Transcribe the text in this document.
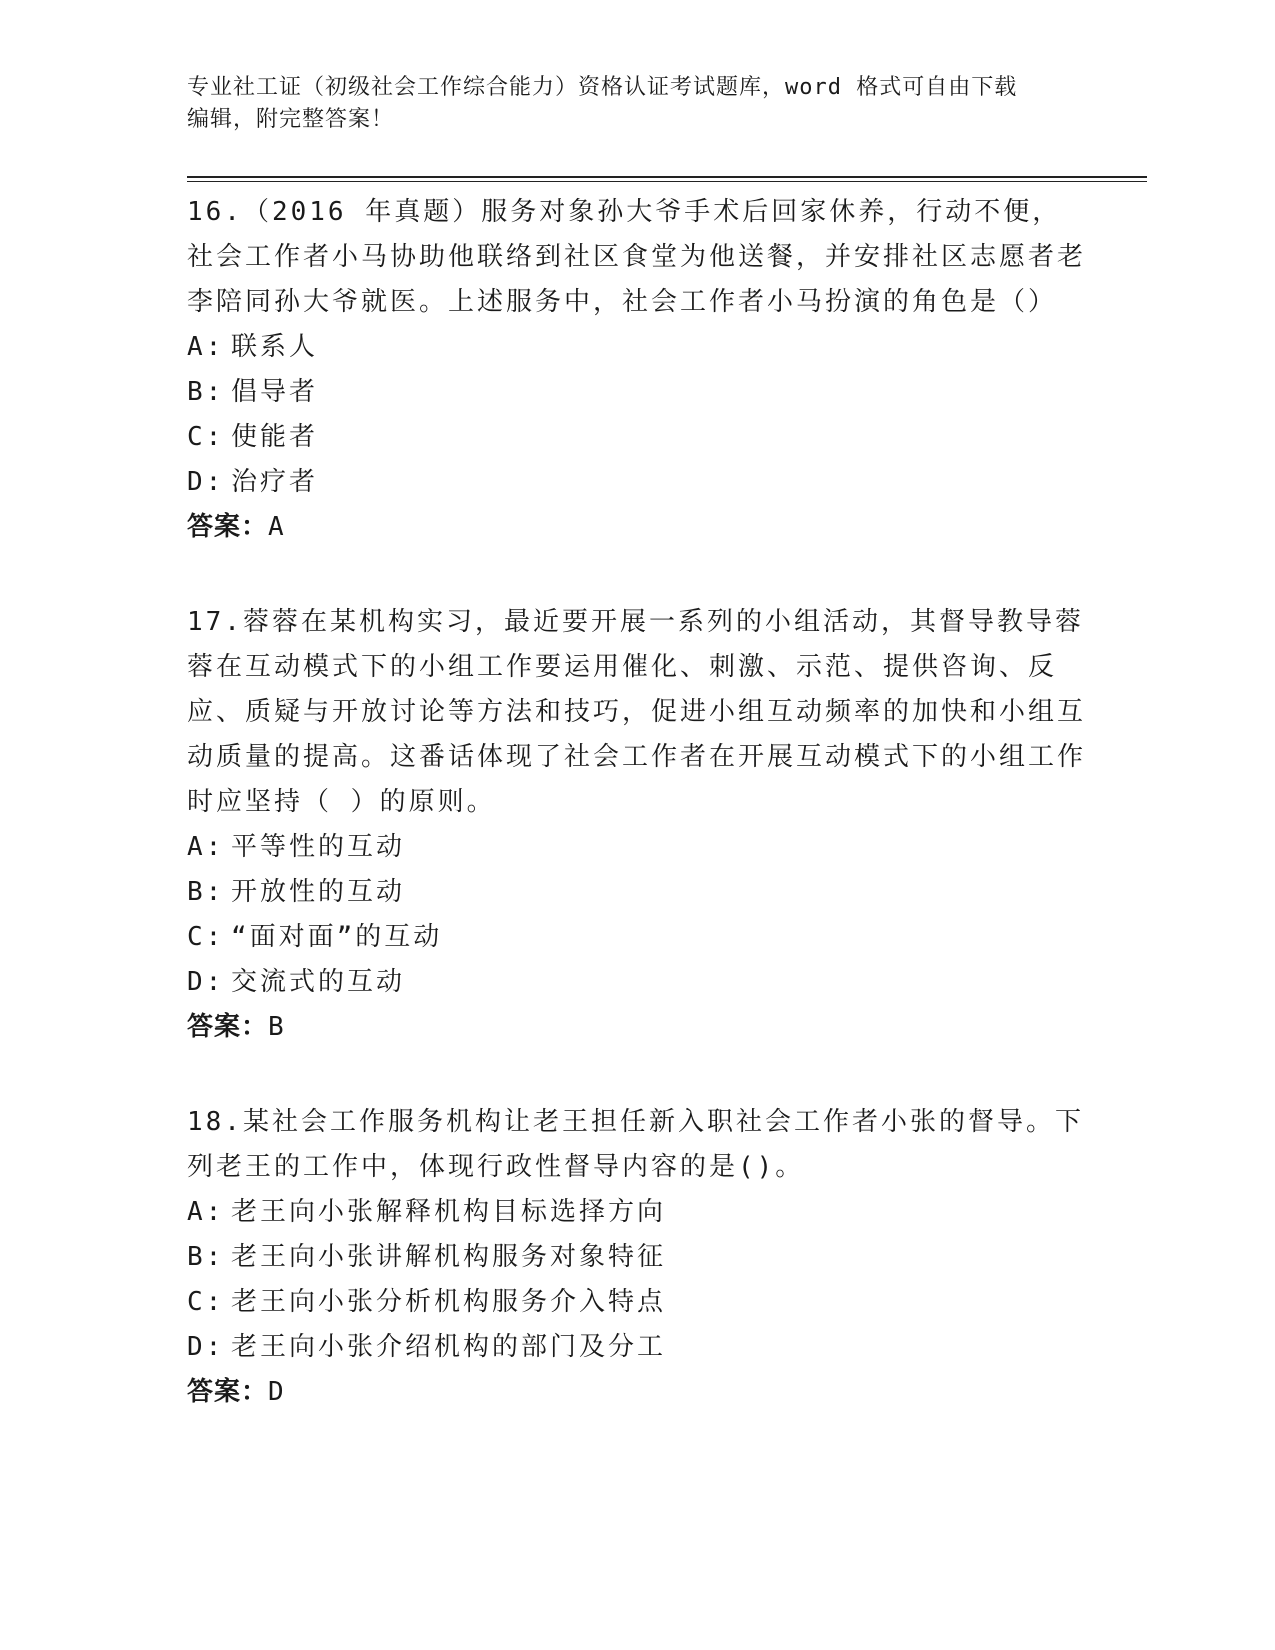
专业社工证（初级社会工作综合能力）资格认证考试题库，word 格式可自由下载
编辑，附完整答案！

16.（2016 年真题）服务对象孙大爷手术后回家休养，行动不便，社会工作者小马协助他联络到社区食堂为他送餐，并安排社区志愿者老李陪同孙大爷就医。上述服务中，社会工作者小马扮演的角色是（）

A: 联系人

B: 倡导者

C: 使能者

D: 治疗者

答案：A

17.蓉蓉在某机构实习，最近要开展一系列的小组活动，其督导教导蓉蓉在互动模式下的小组工作要运用催化、刺激、示范、提供咨询、反应、质疑与开放讨论等方法和技巧，促进小组互动频率的加快和小组互动质量的提高。这番话体现了社会工作者在开展互动模式下的小组工作时应坚持（ ）的原则。

A: 平等性的互动

B: 开放性的互动

C: “面对面”的互动

D: 交流式的互动

答案：B

18.某社会工作服务机构让老王担任新入职社会工作者小张的督导。下列老王的工作中，体现行政性督导内容的是()。

A: 老王向小张解释机构目标选择方向

B: 老王向小张讲解机构服务对象特征

C: 老王向小张分析机构服务介入特点

D: 老王向小张介绍机构的部门及分工

答案：D
